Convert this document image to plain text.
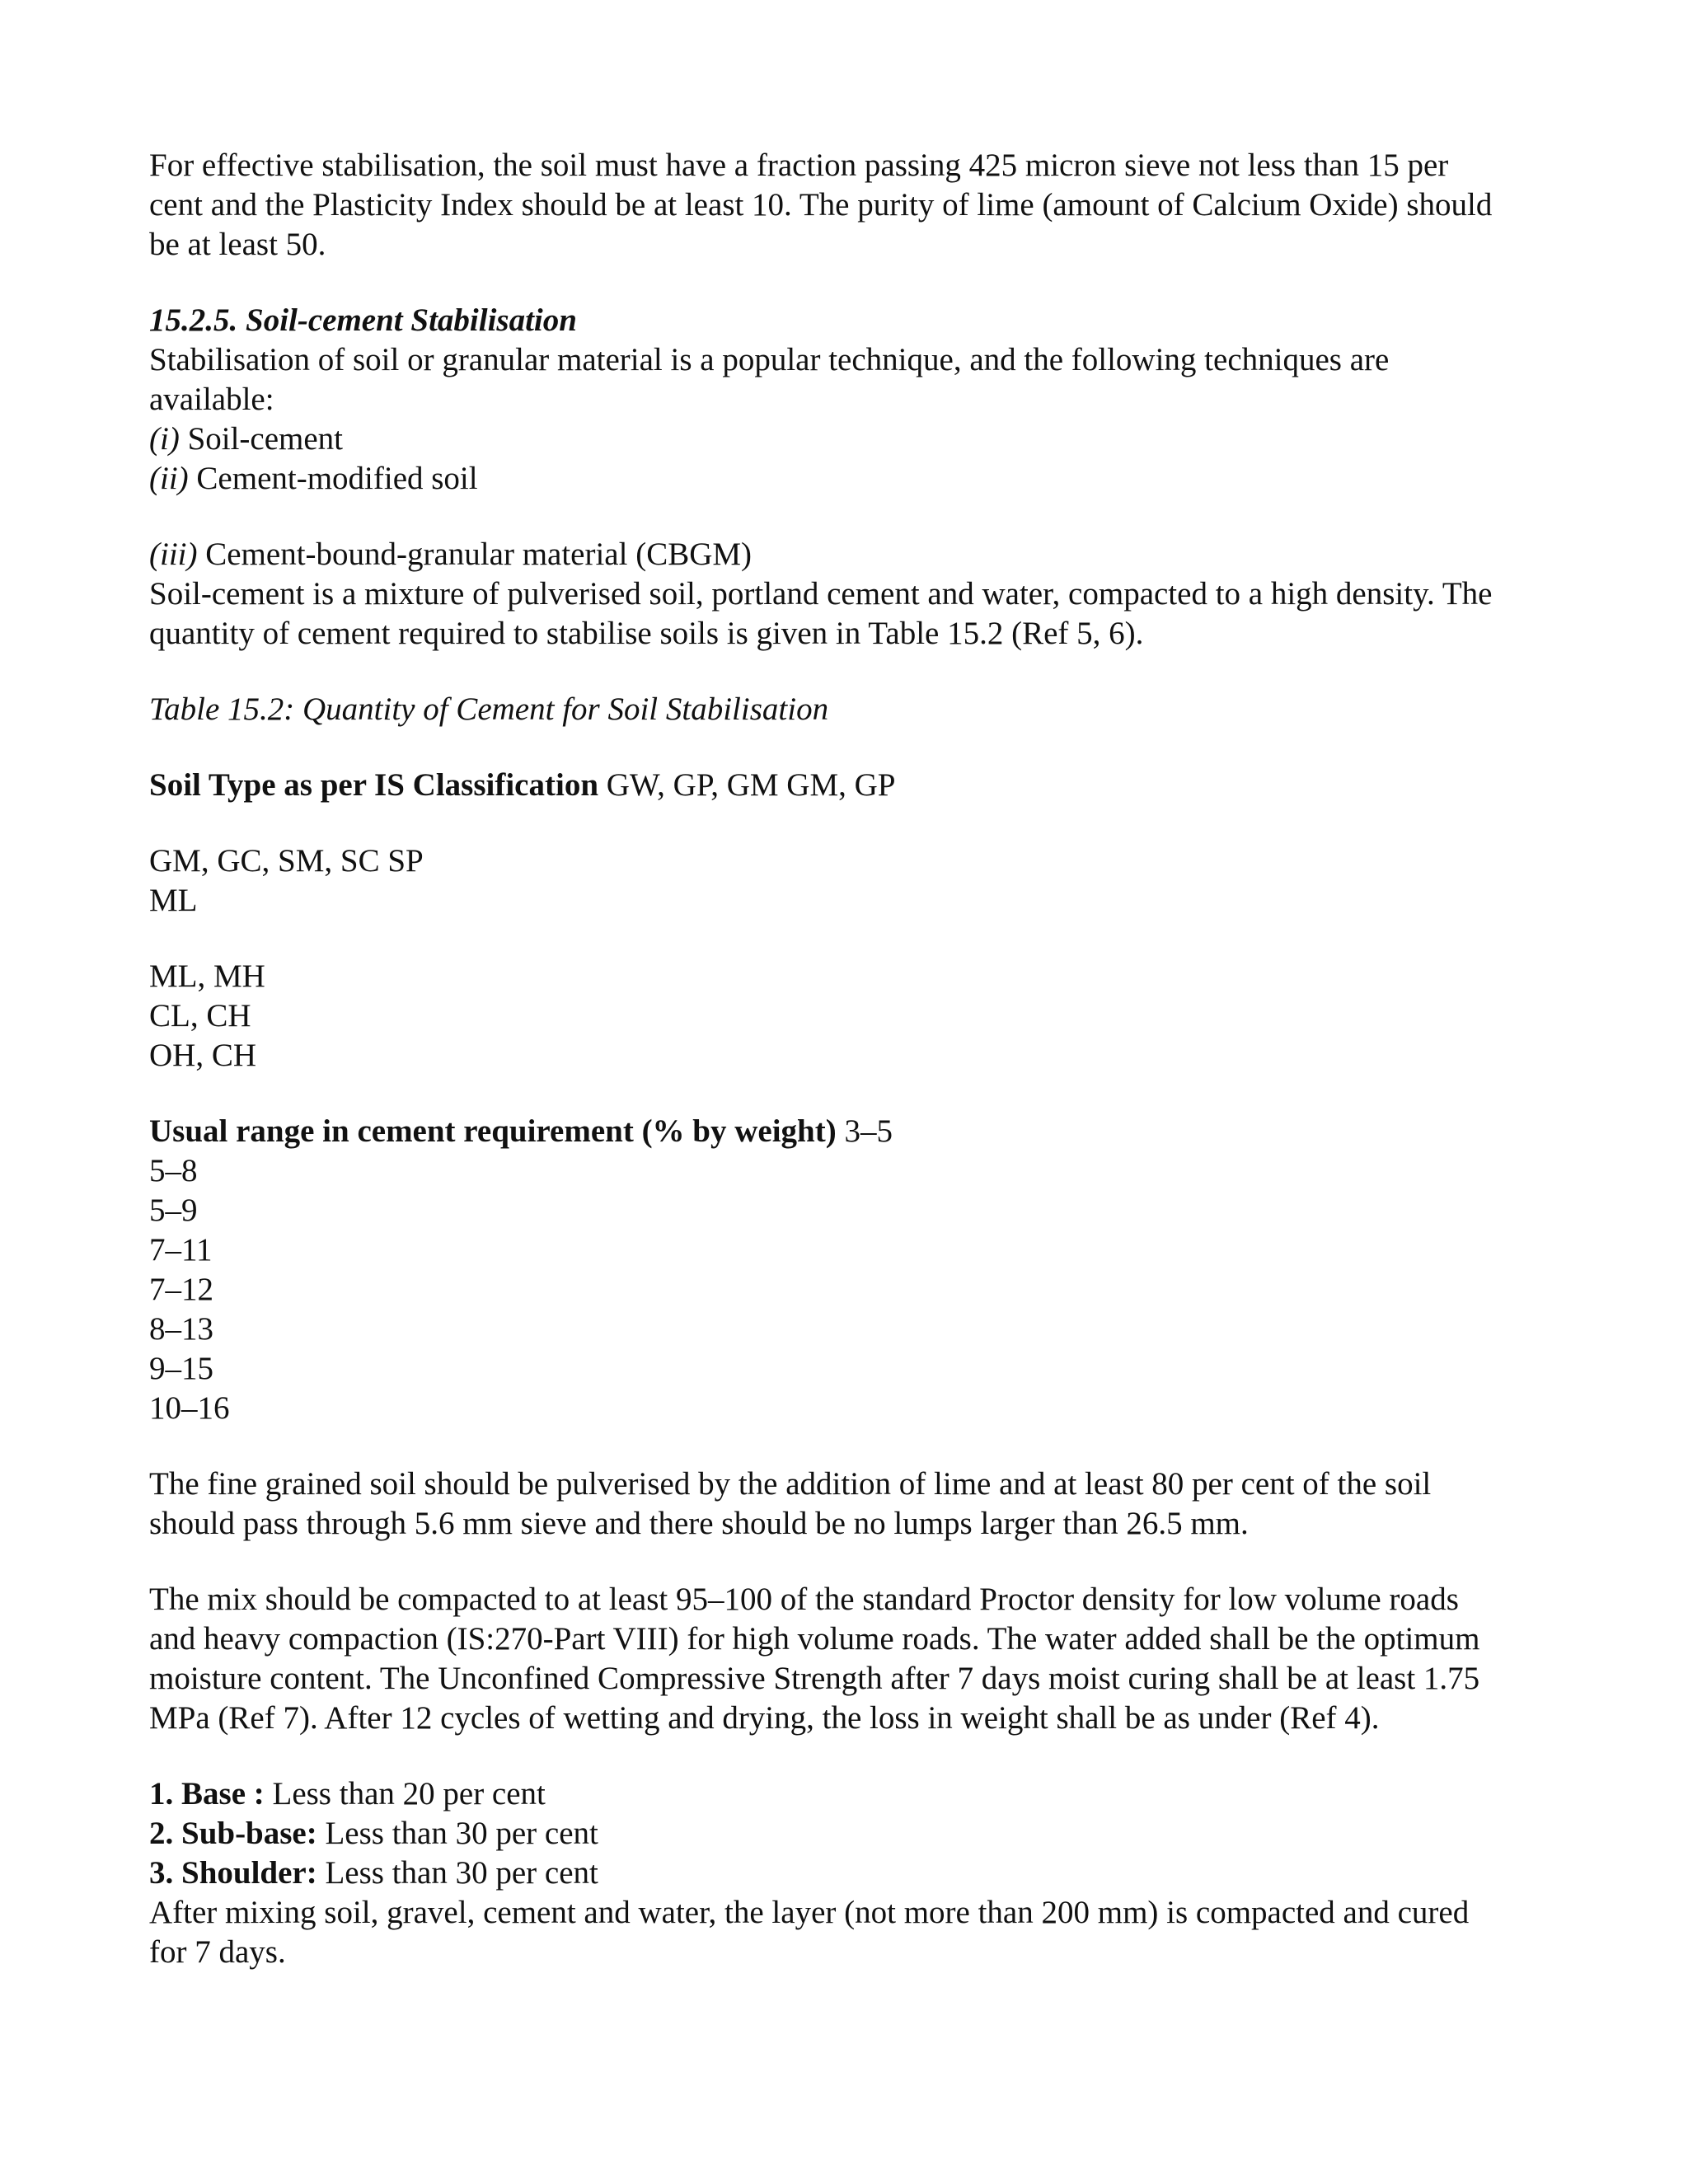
For effective stabilisation, the soil must have a fraction passing 425 micron sieve not less than 15 per
cent and the Plasticity Index should be at least 10. The purity of lime (amount of Calcium Oxide) should
be at least 50.

15.2.5. Soil-cement Stabilisation
Stabilisation of soil or granular material is a popular technique, and the following techniques are
available:
(i) Soil-cement
(ii) Cement-modified soil

(iii) Cement-bound-granular material (CBGM)
Soil-cement is a mixture of pulverised soil, portland cement and water, compacted to a high density. The
quantity of cement required to stabilise soils is given in Table 15.2 (Ref 5, 6).

Table 15.2: Quantity of Cement for Soil Stabilisation

Soil Type as per IS Classification GW, GP, GM GM, GP

GM, GC, SM, SC SP
ML

ML, MH
CL, CH
OH, CH

Usual range in cement requirement (% by weight) 3–5
5–8
5–9
7–11
7–12
8–13
9–15
10–16

The fine grained soil should be pulverised by the addition of lime and at least 80 per cent of the soil
should pass through 5.6 mm sieve and there should be no lumps larger than 26.5 mm.

The mix should be compacted to at least 95–100 of the standard Proctor density for low volume roads
and heavy compaction (IS:270-Part VIII) for high volume roads. The water added shall be the optimum
moisture content. The Unconfined Compressive Strength after 7 days moist curing shall be at least 1.75
MPa (Ref 7). After 12 cycles of wetting and drying, the loss in weight shall be as under (Ref 4).

1. Base : Less than 20 per cent
2. Sub-base: Less than 30 per cent
3. Shoulder: Less than 30 per cent
After mixing soil, gravel, cement and water, the layer (not more than 200 mm) is compacted and cured
for 7 days.
